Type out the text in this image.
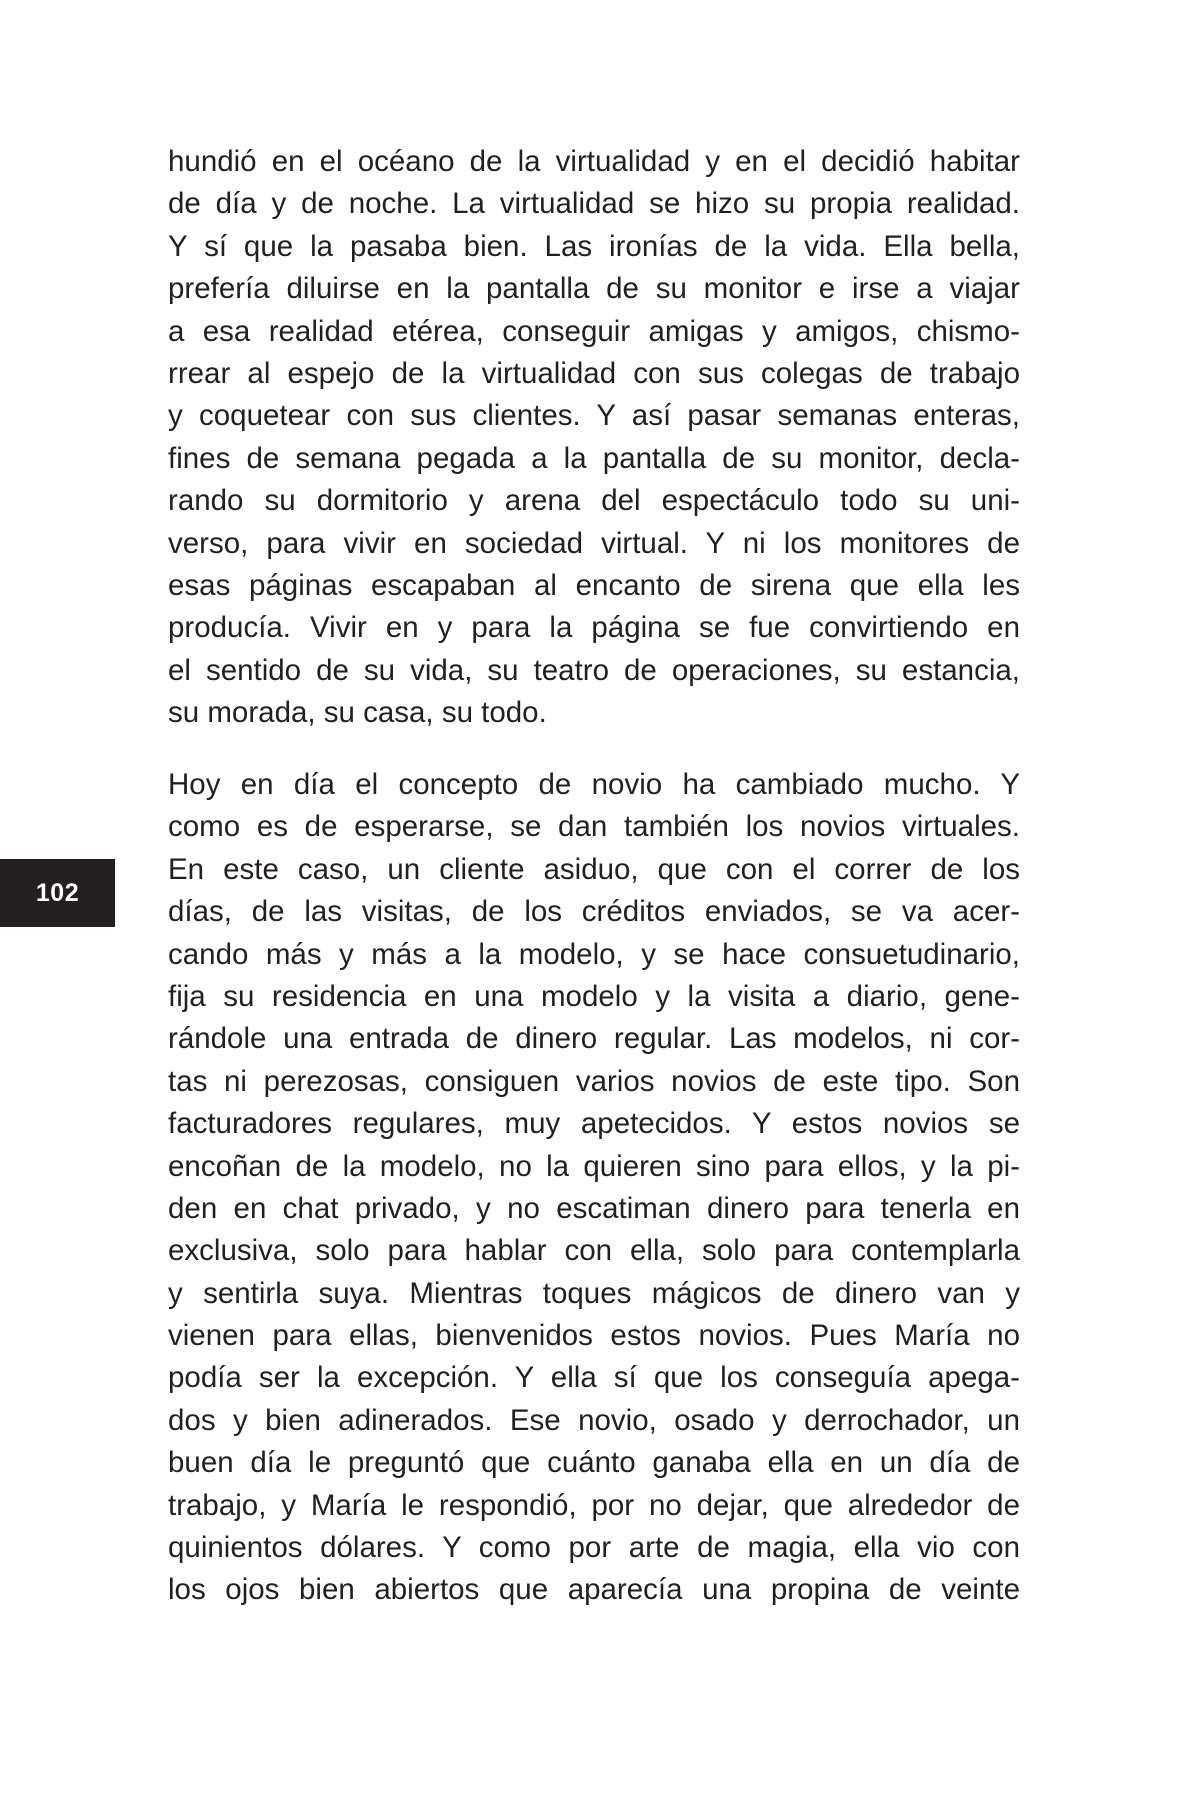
hundió en el océano de la virtualidad y en el decidió habitar
de día y de noche. La virtualidad se hizo su propia realidad.
Y sí que la pasaba bien. Las ironías de la vida. Ella bella,
prefería diluirse en la pantalla de su monitor e irse a viajar
a esa realidad etérea, conseguir amigas y amigos, chismo-
rrear al espejo de la virtualidad con sus colegas de trabajo
y coquetear con sus clientes. Y así pasar semanas enteras,
fines de semana pegada a la pantalla de su monitor, decla-
rando su dormitorio y arena del espectáculo todo su uni-
verso, para vivir en sociedad virtual. Y ni los monitores de
esas páginas escapaban al encanto de sirena que ella les
producía. Vivir en y para la página se fue convirtiendo en
el sentido de su vida, su teatro de operaciones, su estancia,
su morada, su casa, su todo.
Hoy en día el concepto de novio ha cambiado mucho. Y
como es de esperarse, se dan también los novios virtuales.
En este caso, un cliente asiduo, que con el correr de los
días, de las visitas, de los créditos enviados, se va acer-
cando más y más a la modelo, y se hace consuetudinario,
fija su residencia en una modelo y la visita a diario, gene-
rándole una entrada de dinero regular. Las modelos, ni cor-
tas ni perezosas, consiguen varios novios de este tipo. Son
facturadores regulares, muy apetecidos. Y estos novios se
encoñan de la modelo, no la quieren sino para ellos, y la pi-
den en chat privado, y no escatiman dinero para tenerla en
exclusiva, solo para hablar con ella, solo para contemplarla
y sentirla suya. Mientras toques mágicos de dinero van y
vienen para ellas, bienvenidos estos novios. Pues María no
podía ser la excepción. Y ella sí que los conseguía apega-
dos y bien adinerados. Ese novio, osado y derrochador, un
buen día le preguntó que cuánto ganaba ella en un día de
trabajo, y María le respondió, por no dejar, que alrededor de
quinientos dólares. Y como por arte de magia, ella vio con
los ojos bien abiertos que aparecía una propina de veinte
102
